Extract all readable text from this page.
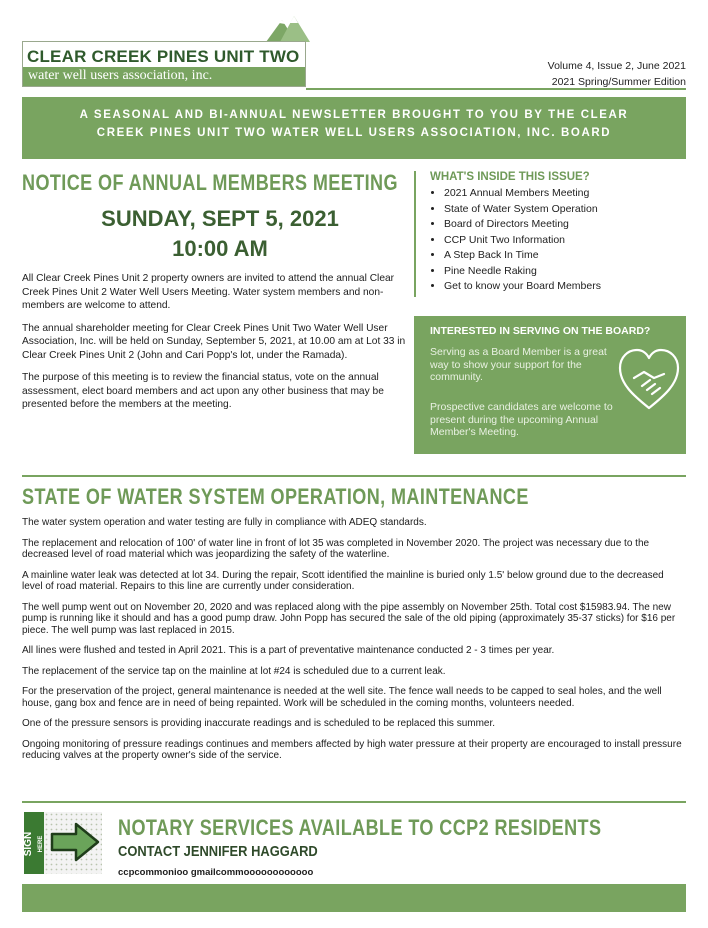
CLEAR CREEK PINES UNIT TWO
water well users association, inc.
Volume 4, Issue 2, June 2021
2021 Spring/Summer Edition
A SEASONAL AND BI-ANNUAL NEWSLETTER BROUGHT TO YOU BY THE CLEAR
CREEK PINES UNIT TWO WATER WELL USERS ASSOCIATION, INC. BOARD
NOTICE OF ANNUAL MEMBERS MEETING
SUNDAY, SEPT 5, 2021
10:00 AM

All Clear Creek Pines Unit 2 property owners are invited to attend the annual Clear Creek Pines Unit 2 Water Well Users Meeting. Water system members and non-members are welcome to attend.

The annual shareholder meeting for Clear Creek Pines Unit Two Water Well User Association, Inc. will be held on Sunday, September 5, 2021, at 10.00 am at Lot 33 in Clear Creek Pines Unit 2 (John and Cari Popp's lot, under the Ramada).

The purpose of this meeting is to review the financial status, vote on the annual assessment, elect board members and act upon any other business that may be presented before the members at the meeting.

WHAT'S INSIDE THIS ISSUE?
• 2021 Annual Members Meeting
• State of Water System Operation
• Board of Directors Meeting
• CCP Unit Two Information
• A Step Back In Time
• Pine Needle Raking
• Get to know your Board Members
INTERESTED IN SERVING ON THE BOARD?
Serving as a Board Member is a great way to show your support for the community.
Prospective candidates are welcome to present during the upcoming Annual Member's Meeting.
STATE OF WATER SYSTEM OPERATION, MAINTENANCE

The water system operation and water testing are fully in compliance with ADEQ standards.

The replacement and relocation of 100' of water line in front of lot 35 was completed in November 2020. The project was necessary due to the decreased level of road material which was jeopardizing the safety of the waterline.

A mainline water leak was detected at lot 34. During the repair, Scott identified the mainline is buried only 1.5' below ground due to the decreased level of road material. Repairs to this line are currently under consideration.

The well pump went out on November 20, 2020 and was replaced along with the pipe assembly on November 25th. Total cost $15983.94. The new pump is running like it should and has a good pump draw. John Popp has secured the sale of the old piping (approximately 35-37 sticks) for $16 per piece. The well pump was last replaced in 2015.

All lines were flushed and tested in April 2021. This is a part of preventative maintenance conducted 2 - 3 times per year.

The replacement of the service tap on the mainline at lot #24 is scheduled due to a current leak.

For the preservation of the project, general maintenance is needed at the well site. The fence wall needs to be capped to seal holes, and the well house, gang box and fence are in need of being repainted. Work will be scheduled in the coming months, volunteers needed.

One of the pressure sensors is providing inaccurate readings and is scheduled to be replaced this summer.

Ongoing monitoring of pressure readings continues and members affected by high water pressure at their property are encouraged to install pressure reducing valves at the property owner's side of the service.

SIGN HERE
NOTARY SERVICES AVAILABLE TO CCP2 RESIDENTS
CONTACT JENNIFER HAGGARD
ccpcommonioo gmailcommoooooooooooo
